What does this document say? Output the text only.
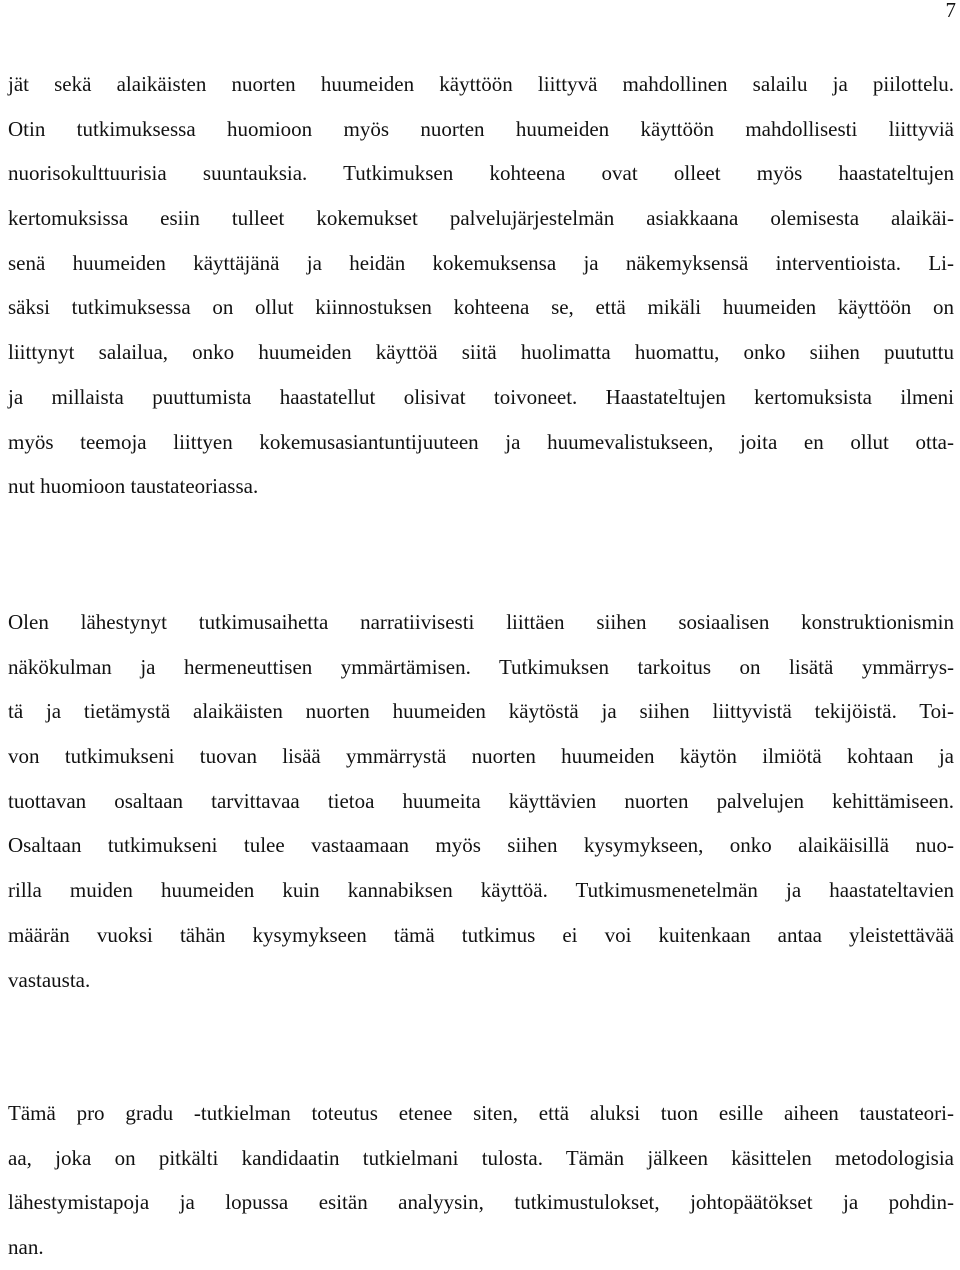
7
jät sekä alaikäisten nuorten huumeiden käyttöön liittyvä mahdollinen salailu ja piilottelu.
Otin tutkimuksessa huomioon myös nuorten huumeiden käyttöön mahdollisesti liittyviä
nuorisokulttuurisia suuntauksia. Tutkimuksen kohteena ovat olleet myös haastateltujen
kertomuksissa esiin tulleet kokemukset palvelujärjestelmän asiakkaana olemisesta alaikäi-
senä huumeiden käyttäjänä ja heidän kokemuksensa ja näkemyksensä interventioista. Li-
säksi tutkimuksessa on ollut kiinnostuksen kohteena se, että mikäli huumeiden käyttöön on
liittynyt salailua, onko huumeiden käyttöä siitä huolimatta huomattu, onko siihen puututtu
ja millaista puuttumista haastatellut olisivat toivoneet. Haastateltujen kertomuksista ilmeni
myös teemoja liittyen kokemusasiantuntijuuteen ja huumevalistukseen, joita en ollut otta-
nut huomioon taustateoriassa.
Olen lähestynyt tutkimusaihetta narratiivisesti liittäen siihen sosiaalisen konstruktionismin
näkökulman ja hermeneuttisen ymmärtämisen. Tutkimuksen tarkoitus on lisätä ymmärrys-
tä ja tietämystä alaikäisten nuorten huumeiden käytöstä ja siihen liittyvistä tekijöistä. Toi-
von tutkimukseni tuovan lisää ymmärrystä nuorten huumeiden käytön ilmiötä kohtaan ja
tuottavan osaltaan tarvittavaa tietoa huumeita käyttävien nuorten palvelujen kehittämiseen.
Osaltaan tutkimukseni tulee vastaamaan myös siihen kysymykseen, onko alaikäisillä nuo-
rilla muiden huumeiden kuin kannabiksen käyttöä. Tutkimusmenetelmän ja haastateltavien
määrän vuoksi tähän kysymykseen tämä tutkimus ei voi kuitenkaan antaa yleistettävää
vastausta.
Tämä pro gradu -tutkielman toteutus etenee siten, että aluksi tuon esille aiheen taustateori-
aa, joka on pitkälti kandidaatin tutkielmani tulosta. Tämän jälkeen käsittelen metodologisia
lähestymistapoja ja lopussa esitän analyysin, tutkimustulokset, johtopäätökset ja pohdin-
nan.
